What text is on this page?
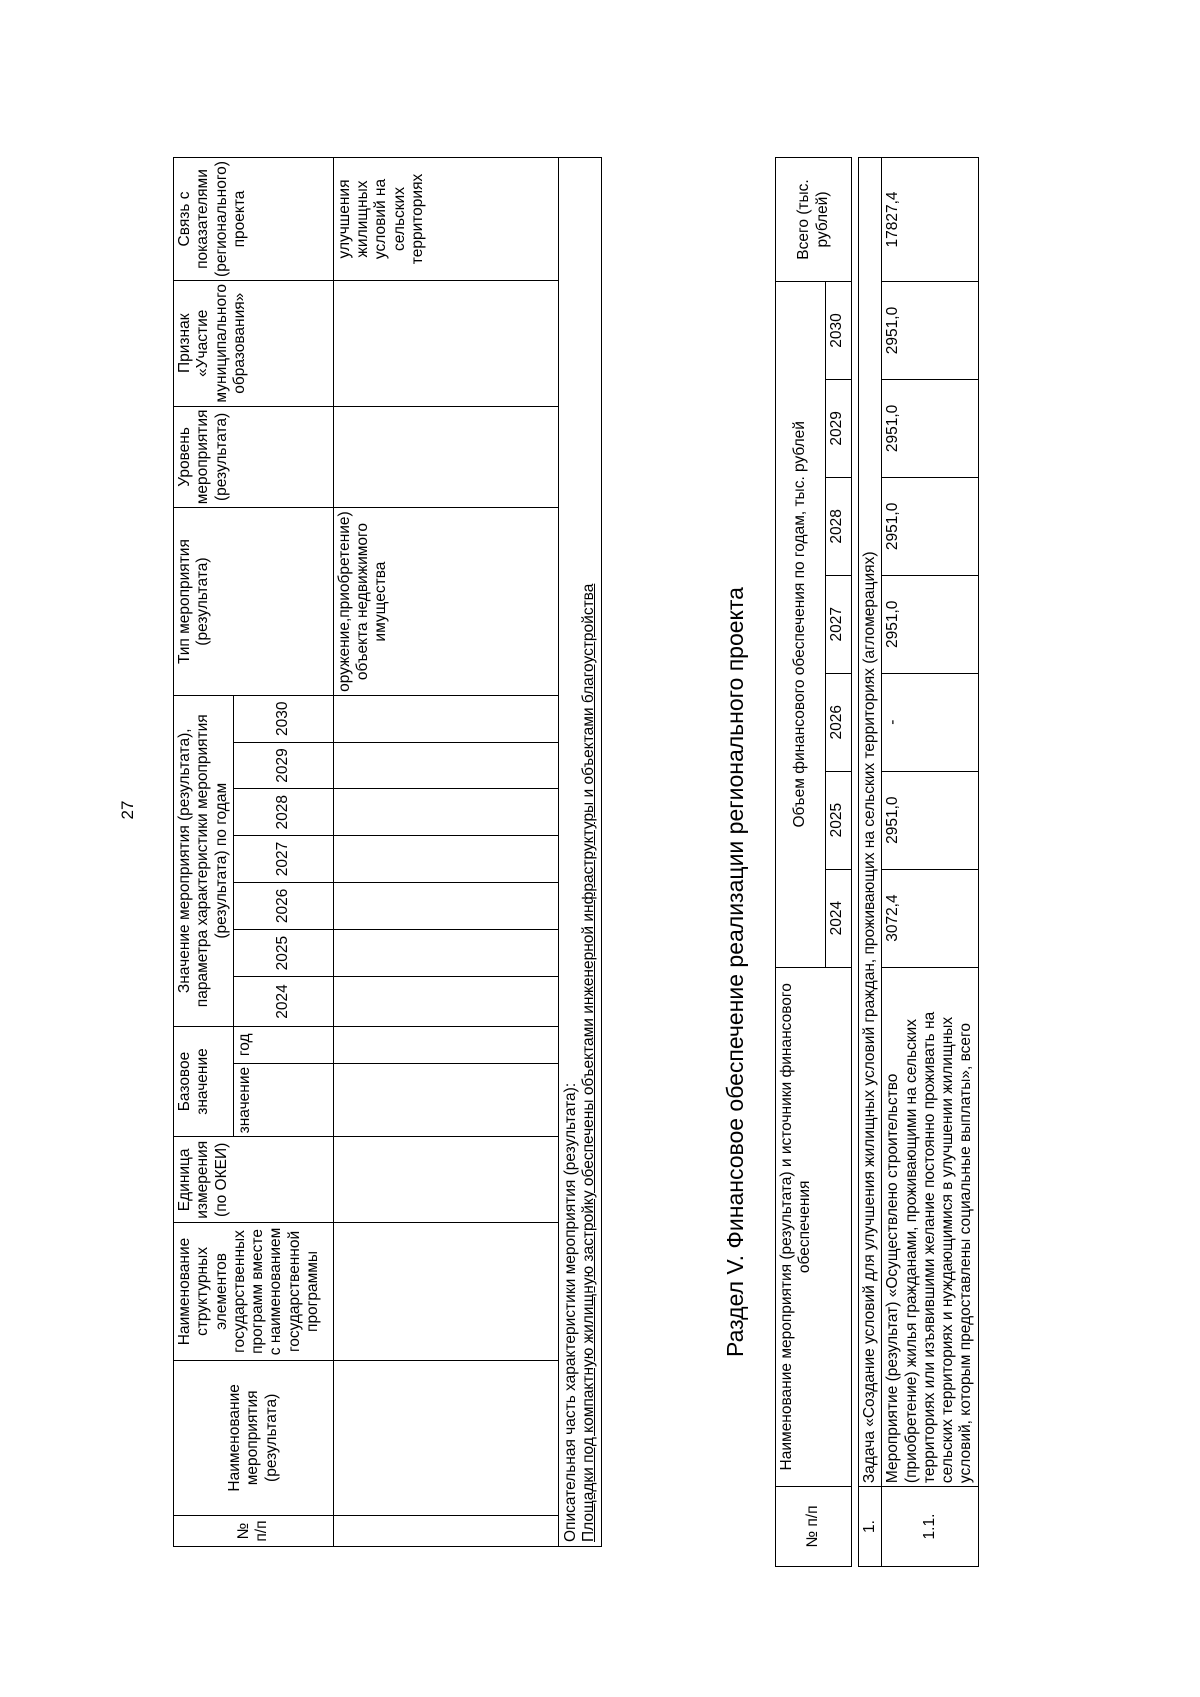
27
№ п/п	Наименование мероприятия (результата)	Наименование структурных элементов государственных программ вместе с наименованием государственной программы	Единица измерения (по ОКЕИ)	Базовое значение		Значение мероприятия (результата), параметра характеристики мероприятия (результата) по годам							Тип мероприятия (результата)	Уровень мероприятия (результата)	Признак «Участие муниципального образования»	Связь с показателями (регионального) проекта
				значение	год	2024	2025	2026	2027	2028	2029	2030				
													оружение,приобретение) объекта недвижимого имущества			улучшения жилищных условий на сельских территориях

Описательная часть характеристики мероприятия (результата): Площадки под компактную жилищную застройку обеспечены объектами инженерной инфраструктуры и объектами благоустройства																	Раздел V. Финансовое обеспечение реализации регионального проекта
№ п/п	Наименование мероприятия (результата) и источники финансового обеспечения	Объем финансового обеспечения по годам, тыс. рублей							Всего (тыс. рублей)
		2024	2025	2026	2027	2028	2029	2030	

1.	Задача «Создание условий для улучшения жилищных условий граждан, проживающих на сельских территориях (агломерациях)								
1.1.	Мероприятие (результат) «Осуществлено строительство (приобретение) жилья гражданами, проживающими на сельских территориях или изъявившими желание постоянно проживать на сельских территориях и нуждающимися в улучшении жилищных условий, которым предоставлены социальные выплаты», всего	3072,4	2951,0	-	2951,0	2951,0	2951,0	2951,0	17827,4
